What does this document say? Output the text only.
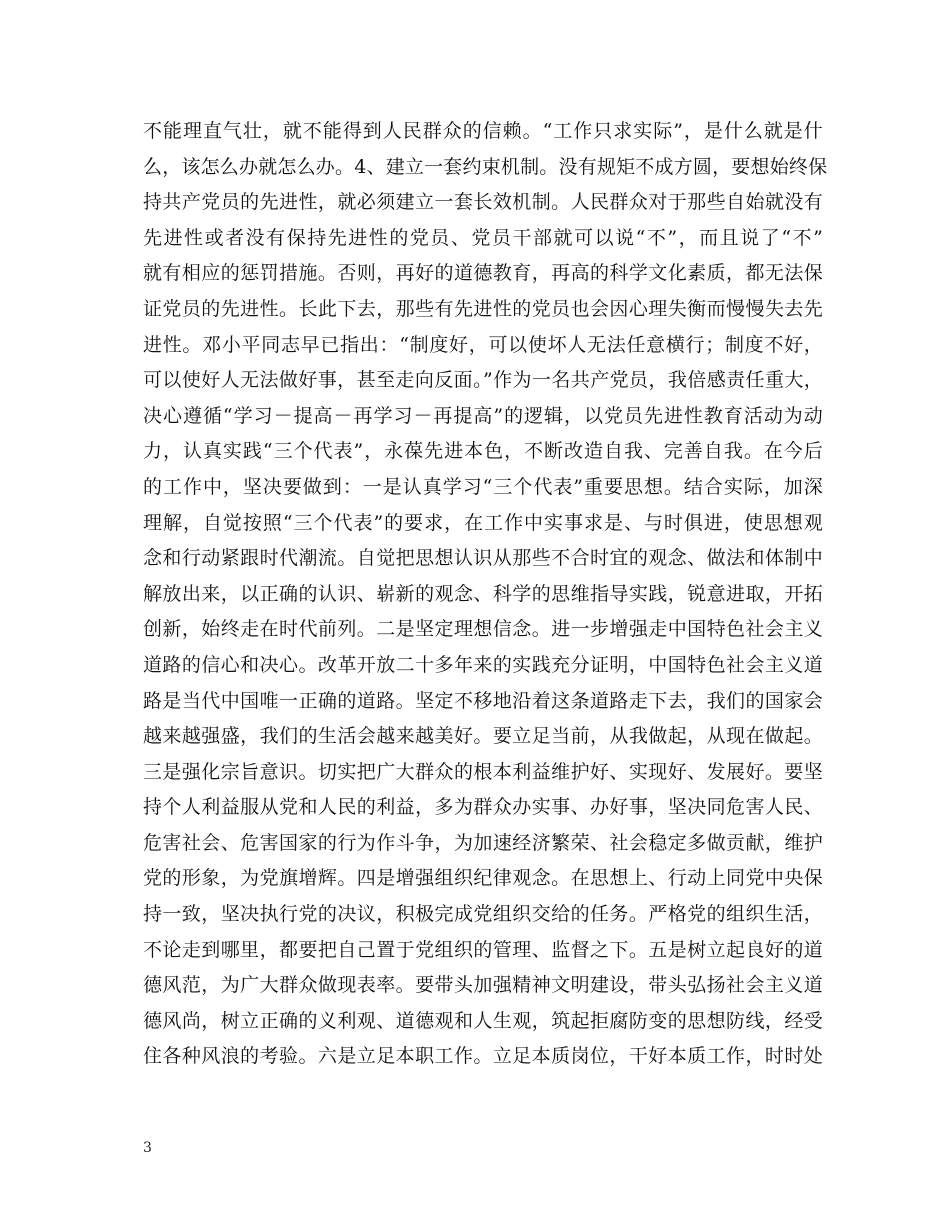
不能理直气壮，就不能得到人民群众的信赖。“工作只求实际”，是什么就是什
么，该怎么办就怎么办。4、建立一套约束机制。没有规矩不成方圆，要想始终保
持共产党员的先进性，就必须建立一套长效机制。人民群众对于那些自始就没有
先进性或者没有保持先进性的党员、党员干部就可以说“不”，而且说了“不”
就有相应的惩罚措施。否则，再好的道德教育，再高的科学文化素质，都无法保
证党员的先进性。长此下去，那些有先进性的党员也会因心理失衡而慢慢失去先
进性。邓小平同志早已指出：“制度好，可以使坏人无法任意横行；制度不好，
可以使好人无法做好事，甚至走向反面。”作为一名共产党员，我倍感责任重大，
决心遵循“学习－提高－再学习－再提高”的逻辑，以党员先进性教育活动为动
力，认真实践“三个代表”，永葆先进本色，不断改造自我、完善自我。在今后
的工作中，坚决要做到：一是认真学习“三个代表”重要思想。结合实际，加深
理解，自觉按照“三个代表”的要求，在工作中实事求是、与时俱进，使思想观
念和行动紧跟时代潮流。自觉把思想认识从那些不合时宜的观念、做法和体制中
解放出来，以正确的认识、崭新的观念、科学的思维指导实践，锐意进取，开拓
创新，始终走在时代前列。二是坚定理想信念。进一步增强走中国特色社会主义
道路的信心和决心。改革开放二十多年来的实践充分证明，中国特色社会主义道
路是当代中国唯一正确的道路。坚定不移地沿着这条道路走下去，我们的国家会
越来越强盛，我们的生活会越来越美好。要立足当前，从我做起，从现在做起。
三是强化宗旨意识。切实把广大群众的根本利益维护好、实现好、发展好。要坚
持个人利益服从党和人民的利益，多为群众办实事、办好事，坚决同危害人民、
危害社会、危害国家的行为作斗争，为加速经济繁荣、社会稳定多做贡献，维护
党的形象，为党旗增辉。四是增强组织纪律观念。在思想上、行动上同党中央保
持一致，坚决执行党的决议，积极完成党组织交给的任务。严格党的组织生活，
不论走到哪里，都要把自己置于党组织的管理、监督之下。五是树立起良好的道
德风范，为广大群众做现表率。要带头加强精神文明建设，带头弘扬社会主义道
德风尚，树立正确的义利观、道德观和人生观，筑起拒腐防变的思想防线，经受
住各种风浪的考验。六是立足本职工作。立足本质岗位，干好本质工作，时时处
3
